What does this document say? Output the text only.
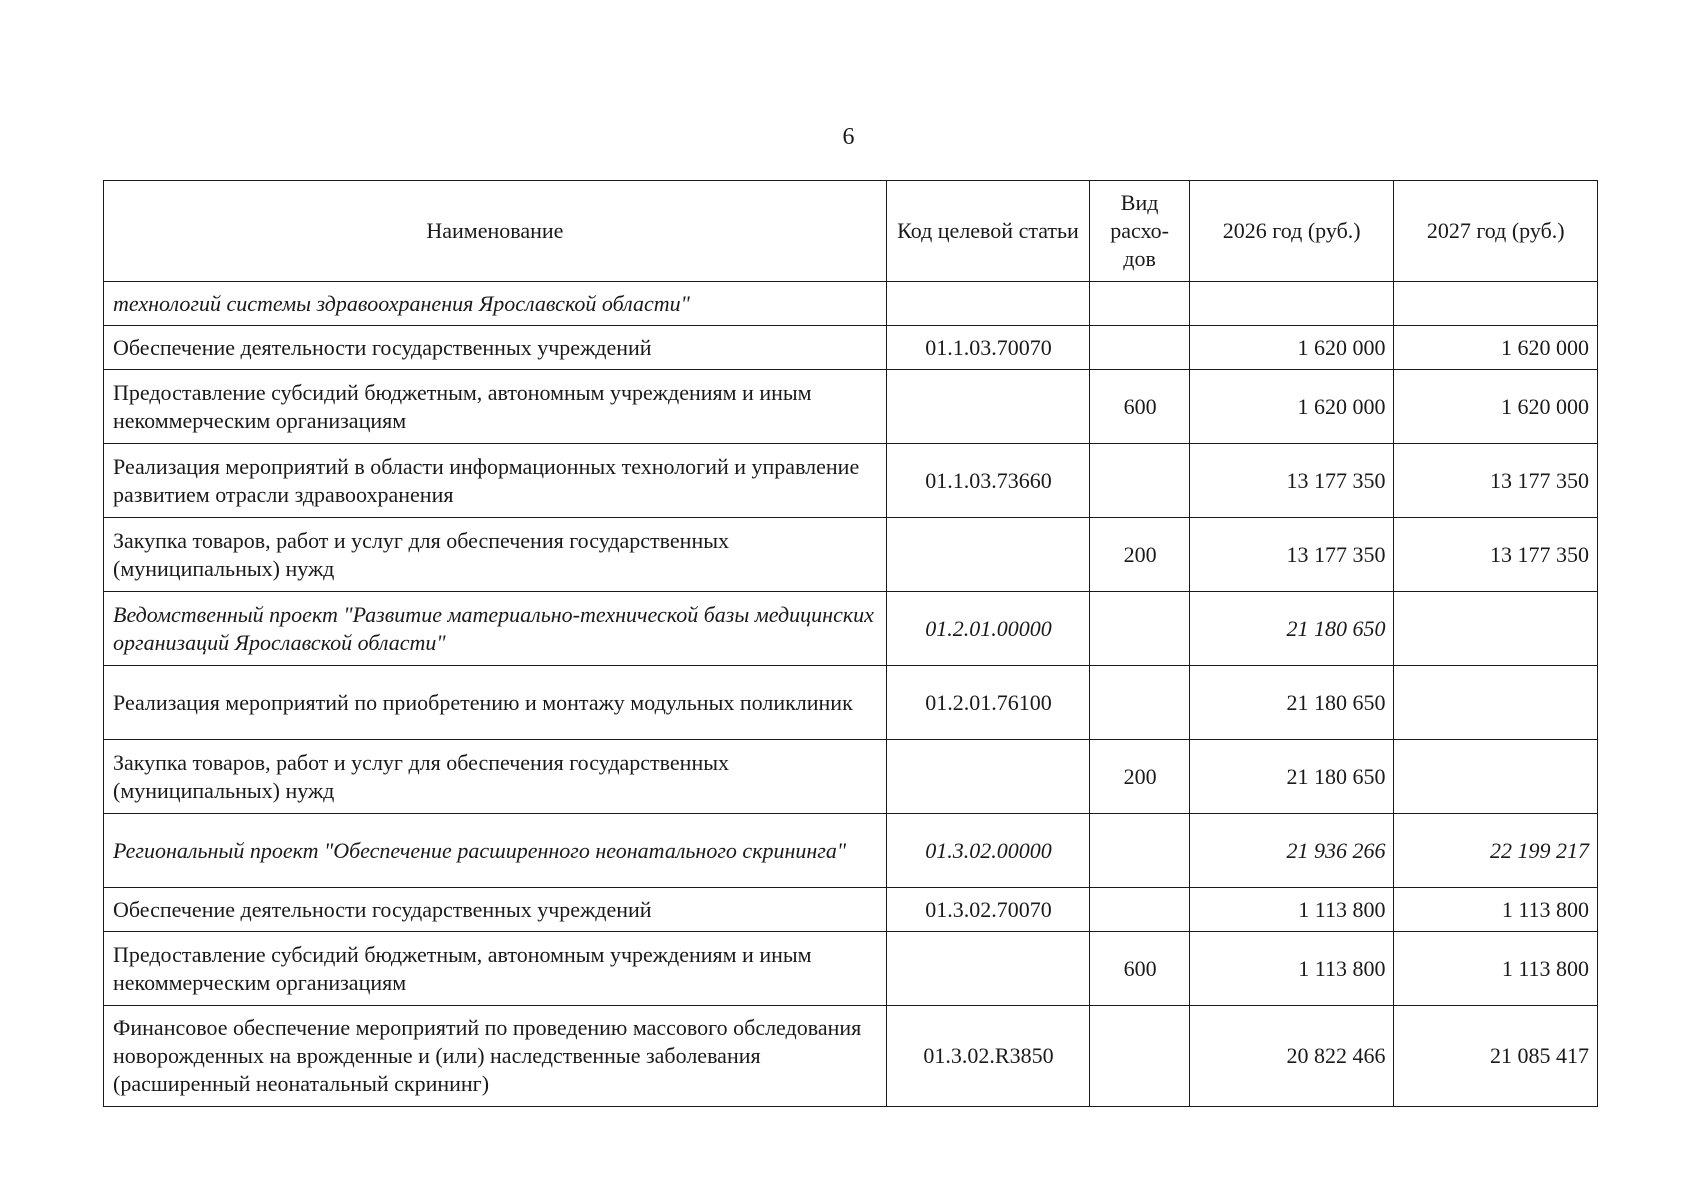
6
Наименование	Код целевой статьи	Вид расхо-дов	2026 год (руб.)	2027 год (руб.)
технологий системы здравоохранения Ярославской области"				
Обеспечение деятельности государственных учреждений	01.1.03.70070		1 620 000	1 620 000
Предоставление субсидий бюджетным, автономным учреждениям и иным некоммерческим организациям		600	1 620 000	1 620 000
Реализация мероприятий в области информационных технологий и управление развитием отрасли здравоохранения	01.1.03.73660		13 177 350	13 177 350
Закупка товаров, работ и услуг для обеспечения государственных (муниципальных) нужд		200	13 177 350	13 177 350
Ведомственный проект "Развитие материально-технической базы медицинских организаций Ярославской области"	01.2.01.00000		21 180 650	
Реализация мероприятий по приобретению и монтажу модульных поликлиник	01.2.01.76100		21 180 650	
Закупка товаров, работ и услуг для обеспечения государственных (муниципальных) нужд		200	21 180 650	
Региональный проект "Обеспечение расширенного неонатального скрининга"	01.3.02.00000		21 936 266	22 199 217
Обеспечение деятельности государственных учреждений	01.3.02.70070		1 113 800	1 113 800
Предоставление субсидий бюджетным, автономным учреждениям и иным некоммерческим организациям		600	1 113 800	1 113 800
Финансовое обеспечение мероприятий по проведению массового обследования новорожденных на врожденные и (или) наследственные заболевания (расширенный неонатальный скрининг)	01.3.02.R3850		20 822 466	21 085 417
